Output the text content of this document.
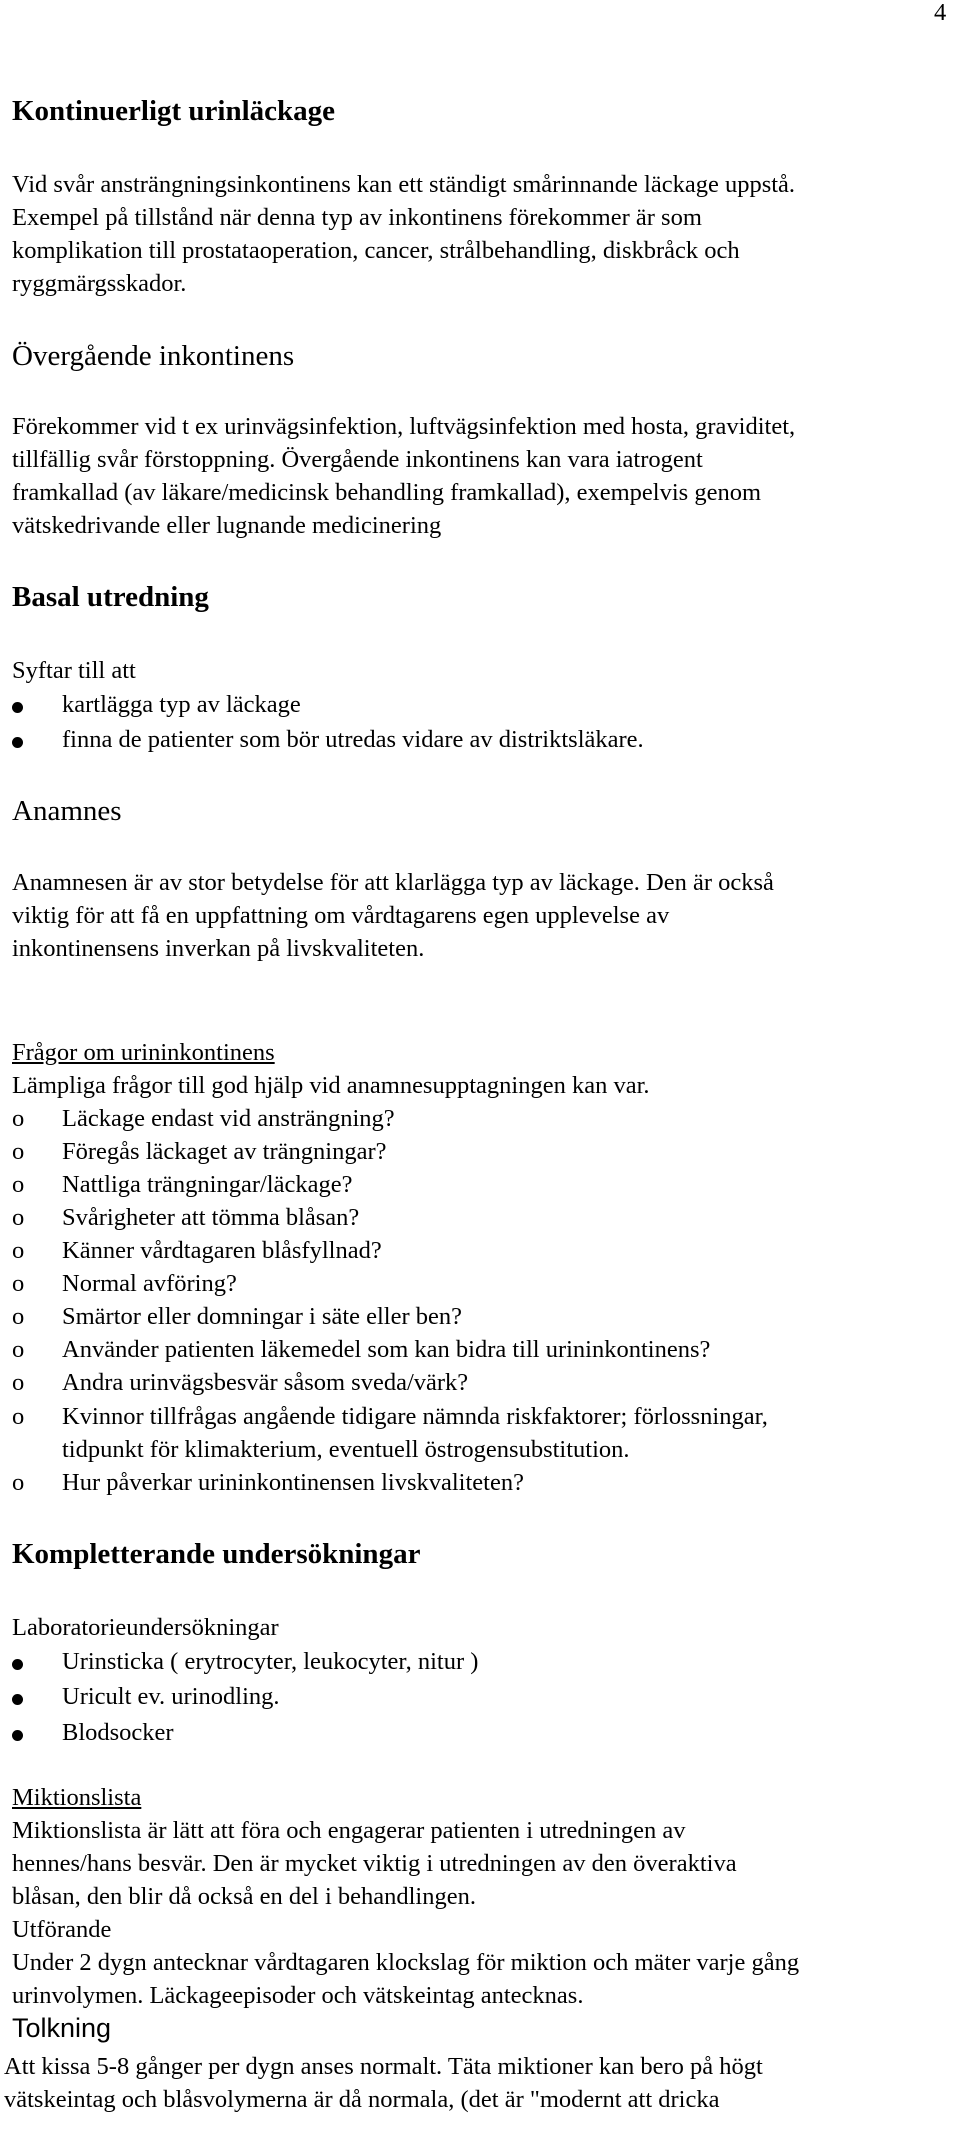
4
Kontinuerligt urinläckage
Vid svår ansträngningsinkontinens kan ett ständigt smårinnande läckage uppstå.
Exempel på tillstånd när denna typ av inkontinens förekommer är som
komplikation till prostataoperation, cancer, strålbehandling, diskbråck och
ryggmärgsskador.
Övergående inkontinens
Förekommer vid t ex urinvägsinfektion, luftvägsinfektion med hosta, graviditet,
tillfällig svår förstoppning. Övergående inkontinens kan vara iatrogent
framkallad (av läkare/medicinsk behandling framkallad), exempelvis genom
vätskedrivande eller lugnande medicinering
Basal utredning
Syftar till att
kartlägga typ av läckage
finna de patienter som bör utredas vidare av distriktsläkare.
Anamnes
Anamnesen är av stor betydelse för att klarlägga typ av läckage. Den är också
viktig för att få en uppfattning om vårdtagarens egen upplevelse av
inkontinensens inverkan på livskvaliteten.
Frågor om urininkontinens
Lämpliga frågor till god hjälp vid anamnesupptagningen kan var.
o Läckage endast vid ansträngning?
o Föregås läckaget av trängningar?
o Nattliga trängningar/läckage?
o Svårigheter att tömma blåsan?
o Känner vårdtagaren blåsfyllnad?
o Normal avföring?
o Smärtor eller domningar i säte eller ben?
o Använder patienten läkemedel som kan bidra till urininkontinens?
o Andra urinvägsbesvär såsom sveda/värk?
o Kvinnor tillfrågas angående tidigare nämnda riskfaktorer; förlossningar,
tidpunkt för klimakterium, eventuell östrogensubstitution.
o Hur påverkar urininkontinensen livskvaliteten?
Kompletterande undersökningar
Laboratorieundersökningar
Urinsticka ( erytrocyter, leukocyter, nitur )
Uricult ev. urinodling.
Blodsocker
Miktionslista
Miktionslista är lätt att föra och engagerar patienten i utredningen av
hennes/hans besvär. Den är mycket viktig i utredningen av den överaktiva
blåsan, den blir då också en del i behandlingen.
Utförande
Under 2 dygn antecknar vårdtagaren klockslag för miktion och mäter varje gång
urinvolymen. Läckageepisoder och vätskeintag antecknas.
Tolkning
Att kissa 5-8 gånger per dygn anses normalt. Täta miktioner kan bero på högt
vätskeintag och blåsvolymerna är då normala, (det är "modernt att dricka
